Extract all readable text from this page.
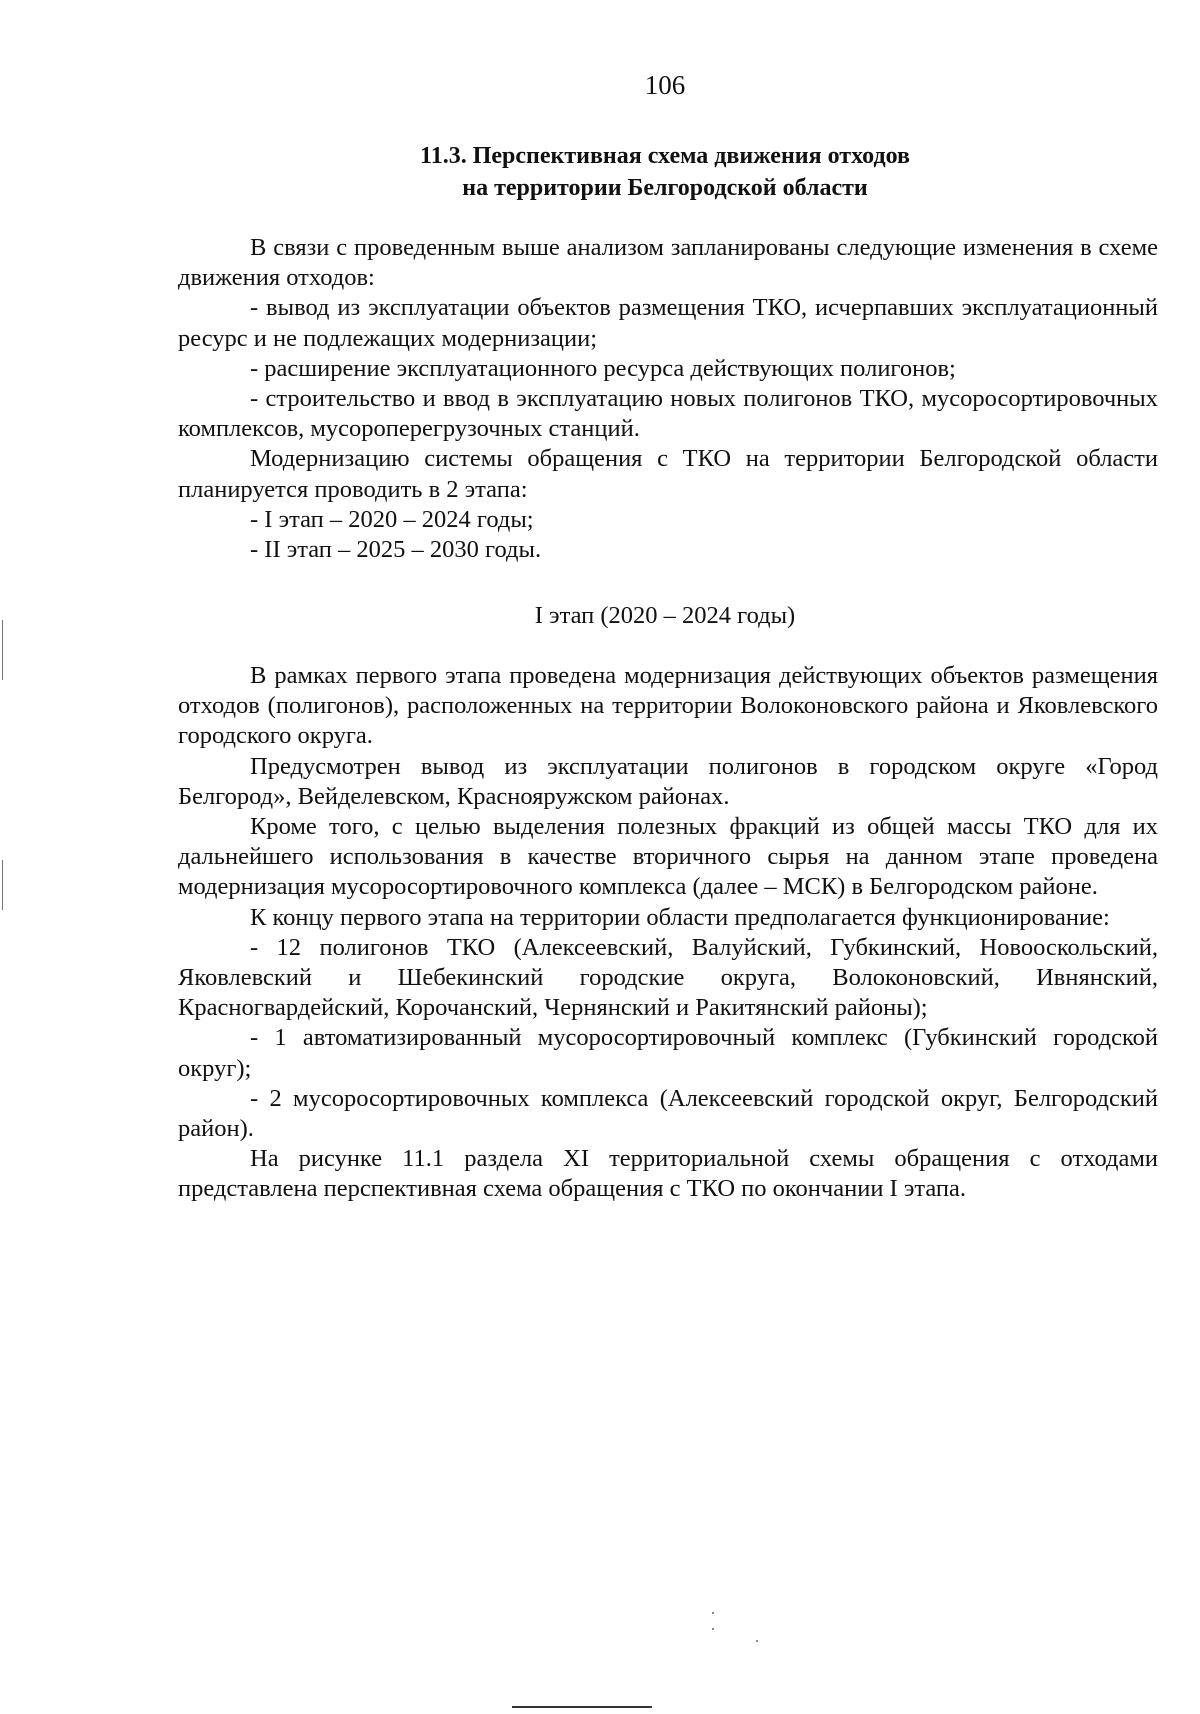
106
11.3. Перспективная схема движения отходов
на территории Белгородской области

В связи с проведенным выше анализом запланированы следующие изменения в схеме движения отходов:

- вывод из эксплуатации объектов размещения ТКО, исчерпавших эксплуатационный ресурс и не подлежащих модернизации;

- расширение эксплуатационного ресурса действующих полигонов;

- строительство и ввод в эксплуатацию новых полигонов ТКО, мусоросортировочных комплексов, мусороперегрузочных станций.

Модернизацию системы обращения с ТКО на территории Белгородской области планируется проводить в 2 этапа:

- I этап – 2020 – 2024 годы;

- II этап – 2025 – 2030 годы.

I этап (2020 – 2024 годы)

В рамках первого этапа проведена модернизация действующих объектов размещения отходов (полигонов), расположенных на территории Волоконовского района и Яковлевского городского округа.

Предусмотрен вывод из эксплуатации полигонов в городском округе «Город Белгород», Вейделевском, Краснояружском районах.

Кроме того, с целью выделения полезных фракций из общей массы ТКО для их дальнейшего использования в качестве вторичного сырья на данном этапе проведена модернизация мусоросортировочного комплекса (далее – МСК) в Белгородском районе.

К концу первого этапа на территории области предполагается функционирование:

- 12 полигонов ТКО (Алексеевский, Валуйский, Губкинский, Новооскольский, Яковлевский и Шебекинский городские округа, Волоконовский, Ивнянский, Красногвардейский, Корочанский, Чернянский и Ракитянский районы);

- 1 автоматизированный мусоросортировочный комплекс (Губкинский городской округ);

- 2 мусоросортировочных комплекса (Алексеевский городской округ, Белгородский район).

На рисунке 11.1 раздела XI территориальной схемы обращения с отходами представлена перспективная схема обращения с ТКО по окончании I этапа.
